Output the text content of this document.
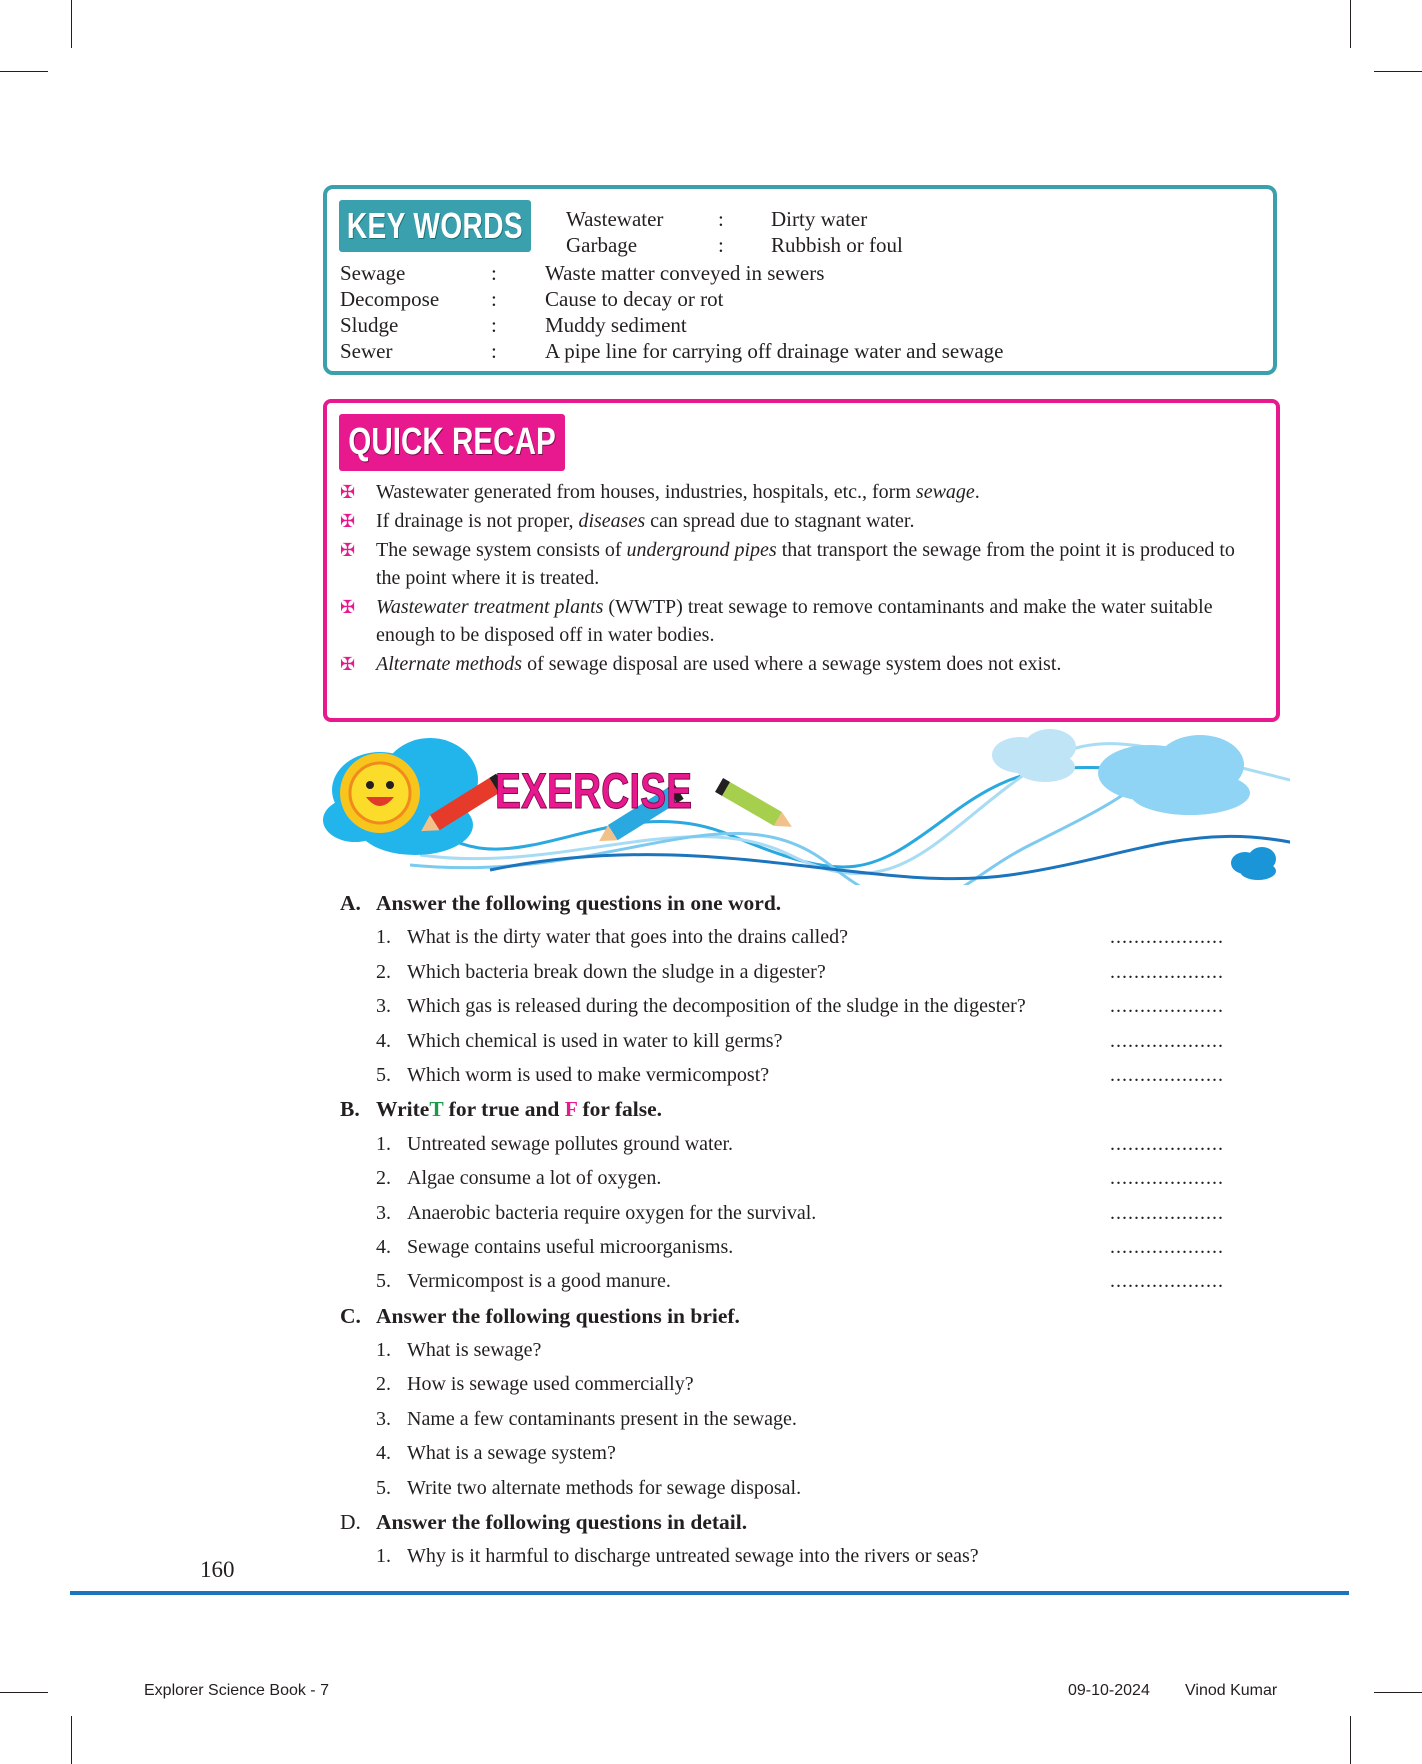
KEY WORDS Wastewater	: Dirty water
Garbage	: Rubbish or foul
Sewage	: Waste matter conveyed in sewers
Decompose : Cause to decay or rot
Sludge	: Muddy sediment
Sewer	: A pipe line for carrying off drainage water and sewage
QUICK RECAP
✠ Wastewater generated from houses, industries, hospitals, etc., form sewage.
✠ If drainage is not proper, diseases can spread due to stagnant water.
✠ The sewage system consists of underground pipes that transport the sewage from the point it is produced to the point where it is treated.
✠ Wastewater treatment plants (WWTP) treat sewage to remove contaminants and make the water suitable enough to be disposed off in water bodies.
✠ Alternate methods of sewage disposal are used where a sewage system does not exist.
EXERCISE
A. Answer the following questions in one word.
1. What is the dirty water that goes into the drains called?	...................
2. Which bacteria break down the sludge in a digester?	...................
3. Which gas is released during the decomposition of the sludge in the digester?	...................
4. Which chemical is used in water to kill germs?	...................
5. Which worm is used to make vermicompost?	...................
B. WriteT for true and F for false.
1. Untreated sewage pollutes ground water.	...................
2. Algae consume a lot of oxygen.	...................
3. Anaerobic bacteria require oxygen for the survival.	...................
4. Sewage contains useful microorganisms.	...................
5. Vermicompost is a good manure.	...................
C. Answer the following questions in brief.
1. What is sewage?
2. How is sewage used commercially?
3. Name a few contaminants present in the sewage.
4. What is a sewage system?
5. Write two alternate methods for sewage disposal.
D. Answer the following questions in detail.
1. Why is it harmful to discharge untreated sewage into the rivers or seas?
160
Explorer Science Book - 7	09-10-2024 Vinod Kumar
